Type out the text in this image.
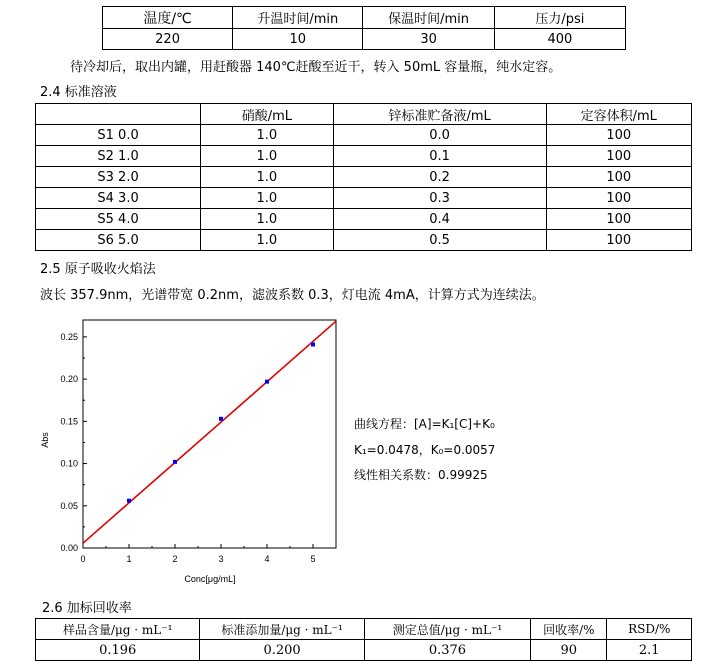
温度/℃	升温时间/min	保温时间/min	压力/psi
220	10	30	400
待冷却后，取出内罐，用赶酸器 140℃赶酸至近干，转入 50mL 容量瓶，纯水定容。
2.4 标准溶液
	硝酸/mL	锌标准贮备液/mL	定容体积/mL
S1 0.0	1.0	0.0	100
S2 1.0	1.0	0.1	100
S3 2.0	1.0	0.2	100
S4 3.0	1.0	0.3	100
S5 4.0	1.0	0.4	100
S6 5.0	1.0	0.5	100
2.5 原子吸收火焰法
波长 357.9nm，光谱带宽 0.2nm，滤波系数 0.3，灯电流 4mA，计算方式为连续法。
0.00
0.05
0.10
0.15
0.20
0.25
0	1	2	3	4	5
Conc[μg/mL]
Abs
曲线方程：[A]=K₁[C]+K₀
K₁=0.0478，K₀=0.0057
线性相关系数：0.99925
2.6 加标回收率
样品含量/μg · mL⁻¹	标准添加量/μg · mL⁻¹	测定总值/μg · mL⁻¹	回收率/%	RSD/%
0.196	0.200	0.376	90	2.1
